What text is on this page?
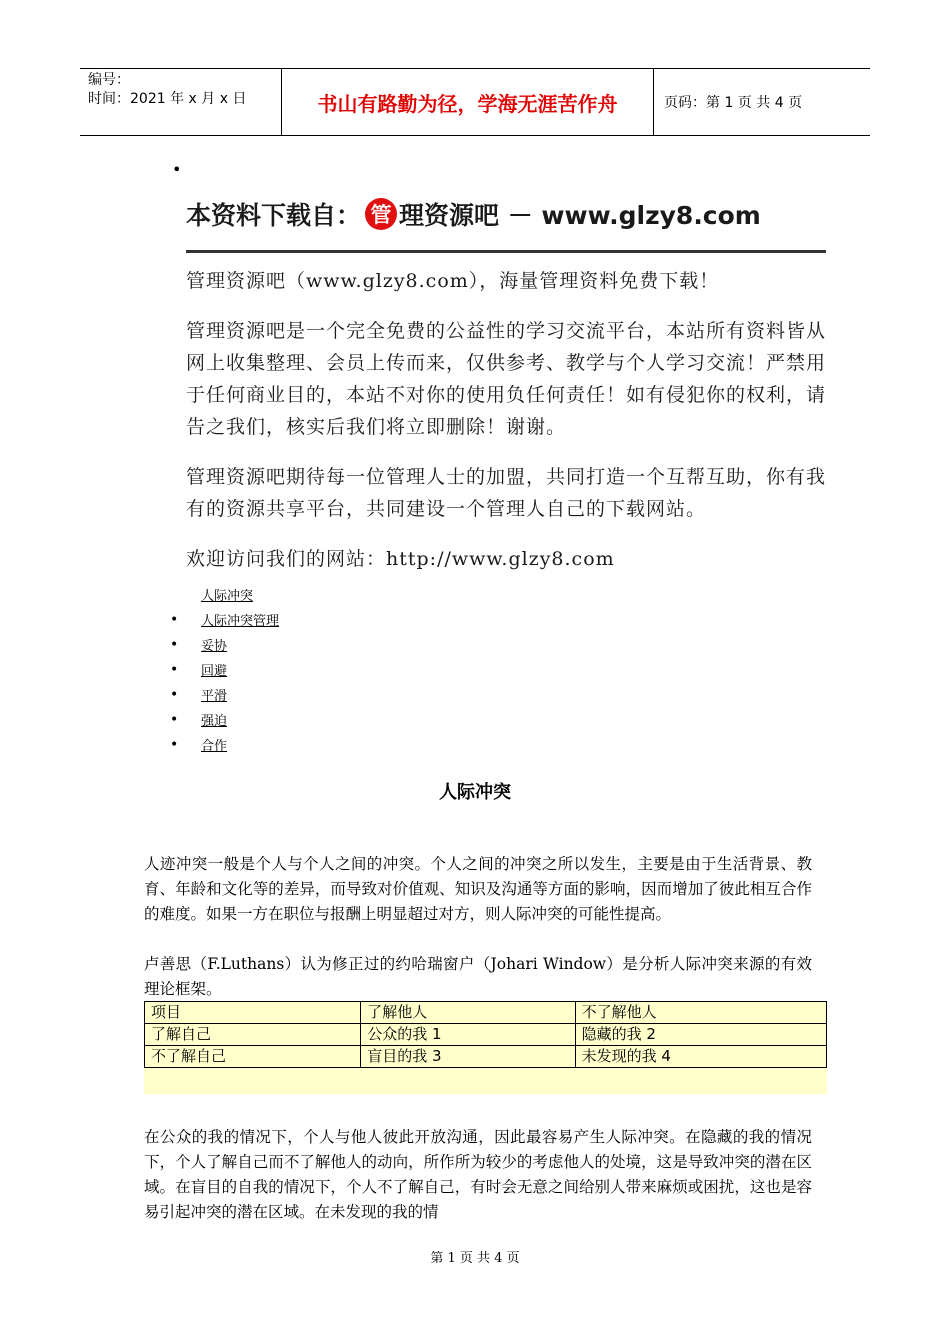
编号：
时间：2021 年 x 月 x 日	书山有路勤为径，学海无涯苦作舟	页码：第 1 页 共 4 页
•
本资料下载自： 管 理资源吧 － www.glzy8.com

管理资源吧（www.glzy8.com），海量管理资料免费下载！

管理资源吧是一个完全免费的公益性的学习交流平台，本站所有资料皆从网上收集整理、会员上传而来，仅供参考、教学与个人学习交流！严禁用于任何商业目的，本站不对你的使用负任何责任！如有侵犯你的权利，请告之我们，核实后我们将立即删除！谢谢。

管理资源吧期待每一位管理人士的加盟，共同打造一个互帮互助，你有我有的资源共享平台，共同建设一个管理人自己的下载网站。

欢迎访问我们的网站：http://www.glzy8.com

人际冲突
•	人际冲突管理
•	妥协
•	回避
•	平滑
•	强迫
•	合作
人际冲突

人迹冲突一般是个人与个人之间的冲突。个人之间的冲突之所以发生，主要是由于生活背景、教育、年龄和文化等的差异，而导致对价值观、知识及沟通等方面的影响，因而增加了彼此相互合作的难度。如果一方在职位与报酬上明显超过对方，则人际冲突的可能性提高。

卢善思（F.Luthans）认为修正过的约哈瑞窗户（Johari Window）是分析人际冲突来源的有效理论框架。

项目	了解他人	不了解他人
了解自己	公众的我 1	隐藏的我 2
不了解自己	盲目的我 3	未发现的我 4

在公众的我的情况下，个人与他人彼此开放沟通，因此最容易产生人际冲突。在隐藏的我的情况下，个人了解自己而不了解他人的动向，所作所为较少的考虑他人的处境，这是导致冲突的潜在区域。在盲目的自我的情况下，个人不了解自己，有时会无意之间给别人带来麻烦或困扰，这也是容易引起冲突的潜在区域。在未发现的我的情

第 1 页 共 4 页
